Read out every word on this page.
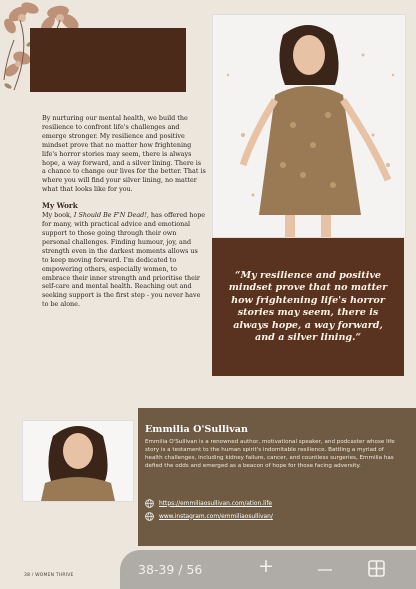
By nurturing our mental health, we build the resilience to confront life's challenges and emerge stronger. My resilience and positive mindset prove that no matter how frightening life's horror stories may seem, there is always hope, a way forward, and a silver lining. There is a chance to change our lives for the better. That is where you will find your silver lining, no matter what that looks like for you.

My Work

My book, I Should Be F'N Dead!, has offered hope for many, with practical advice and emotional support to those going through their own personal challenges. Finding humour, joy, and strength even in the darkest moments allows us to keep moving forward. I'm dedicated to empowering others, especially women, to embrace their inner strength and prioritise their self-care and mental health. Reaching out and seeking support is the first step - you never have to be alone.

“My resilience and positive mindset prove that no matter how frightening life's horror stories may seem, there is always hope, a way forward, and a silver lining.“
Emmilia O'Sullivan
Emmilia O'Sullivan is a renowned author, motivational speaker, and podcaster whose life story is a testament to the human spirit's indomitable resilience. Battling a myriad of health challenges, including kidney failure, cancer, and countless surgeries, Emmilia has defied the odds and emerged as a beacon of hope for those facing adversity.
https://emmiliaosullivan.com/ation.life
www.instagram.com/emmiliaosullivan/
38 / WOMEN THRIVE	38-39 / 56	+
